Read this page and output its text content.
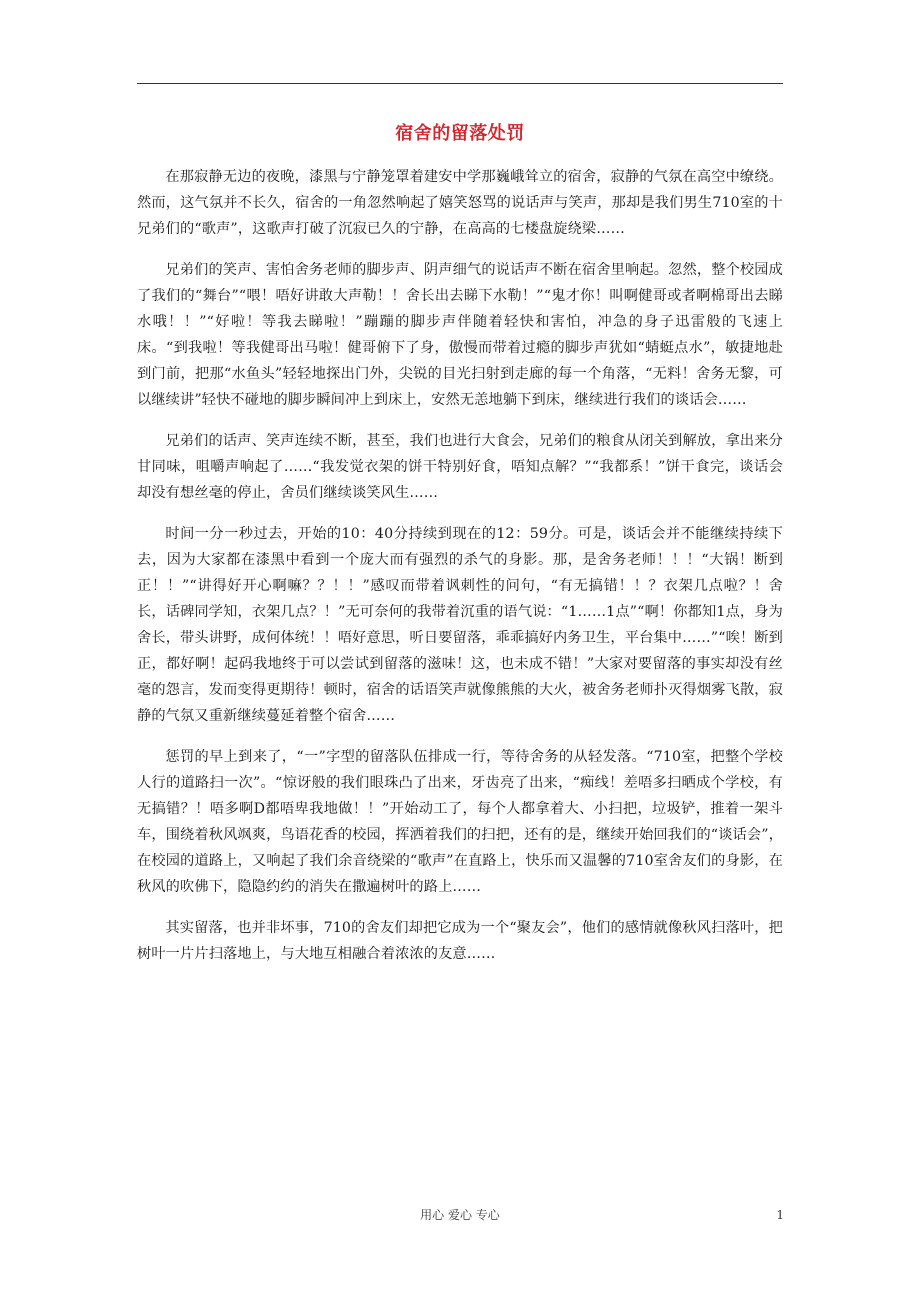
宿舍的留落处罚

在那寂静无边的夜晚，漆黑与宁静笼罩着建安中学那巍峨耸立的宿舍，寂静的气氛在高空中缭绕。然而，这气氛并不长久，宿舍的一角忽然响起了嬉笑怒骂的说话声与笑声，那却是我们男生710室的十兄弟们的“歌声”，这歌声打破了沉寂已久的宁静，在高高的七楼盘旋绕梁……

兄弟们的笑声、害怕舍务老师的脚步声、阴声细气的说话声不断在宿舍里响起。忽然，整个校园成了我们的“舞台”“喂！唔好讲敢大声勒！！舍长出去睇下水勒！”“鬼才你！叫啊健哥或者啊棉哥出去睇水哦！！”“好啦！等我去睇啦！”蹦蹦的脚步声伴随着轻快和害怕，冲急的身子迅雷般的飞速上床。“到我啦！等我健哥出马啦！健哥俯下了身，傲慢而带着过瘾的脚步声犹如“蜻蜓点水”，敏捷地赴到门前，把那“水鱼头”轻轻地探出门外，尖锐的目光扫射到走廊的每一个角落，“无料！舍务无黎，可以继续讲”轻快不碰地的脚步瞬间冲上到床上，安然无恙地躺下到床，继续进行我们的谈话会……

兄弟们的话声、笑声连续不断，甚至，我们也进行大食会，兄弟们的粮食从闭关到解放，拿出来分甘同味，咀嚼声响起了……“我发觉衣架的饼干特别好食，唔知点解？”“我都系！”饼干食完，谈话会却没有想丝毫的停止，舍员们继续谈笑风生……

时间一分一秒过去，开始的10：40分持续到现在的12：59分。可是，谈话会并不能继续持续下去，因为大家都在漆黑中看到一个庞大而有强烈的杀气的身影。那，是舍务老师！！！“大锅！断到正！！”“讲得好开心啊嘛？？！！”感叹而带着讽刺性的问句，“有无搞错！！？衣架几点啦？！舍长，话碑同学知，衣架几点？！”无可奈何的我带着沉重的语气说：“1……1点”“啊！你都知1点，身为舍长，带头讲野，成何体统！！唔好意思，听日要留落，乖乖搞好内务卫生，平台集中……”“唉！断到正，都好啊！起码我地终于可以尝试到留落的滋味！这，也未成不错！”大家对要留落的事实却没有丝毫的怨言，发而变得更期待！顿时，宿舍的话语笑声就像熊熊的大火，被舍务老师扑灭得烟雾飞散，寂静的气氛又重新继续蔓延着整个宿舍……

惩罚的早上到来了，“一”字型的留落队伍排成一行，等待舍务的从轻发落。“710室，把整个学校人行的道路扫一次”。“惊讶般的我们眼珠凸了出来，牙齿亮了出来，“痴线！差唔多扫晒成个学校，有无搞错？！唔多啊D都唔卑我地做！！”开始动工了，每个人都拿着大、小扫把，垃圾铲，推着一架斗车，围绕着秋风飒爽，鸟语花香的校园，挥洒着我们的扫把，还有的是，继续开始回我们的“谈话会”，在校园的道路上，又响起了我们余音绕梁的“歌声”在直路上，快乐而又温馨的710室舍友们的身影，在秋风的吹佛下，隐隐约约的消失在撒遍树叶的路上……

其实留落，也并非坏事，710的舍友们却把它成为一个“聚友会”，他们的感情就像秋风扫落叶，把树叶一片片扫落地上，与大地互相融合着浓浓的友意……

用心 爱心 专心	1
